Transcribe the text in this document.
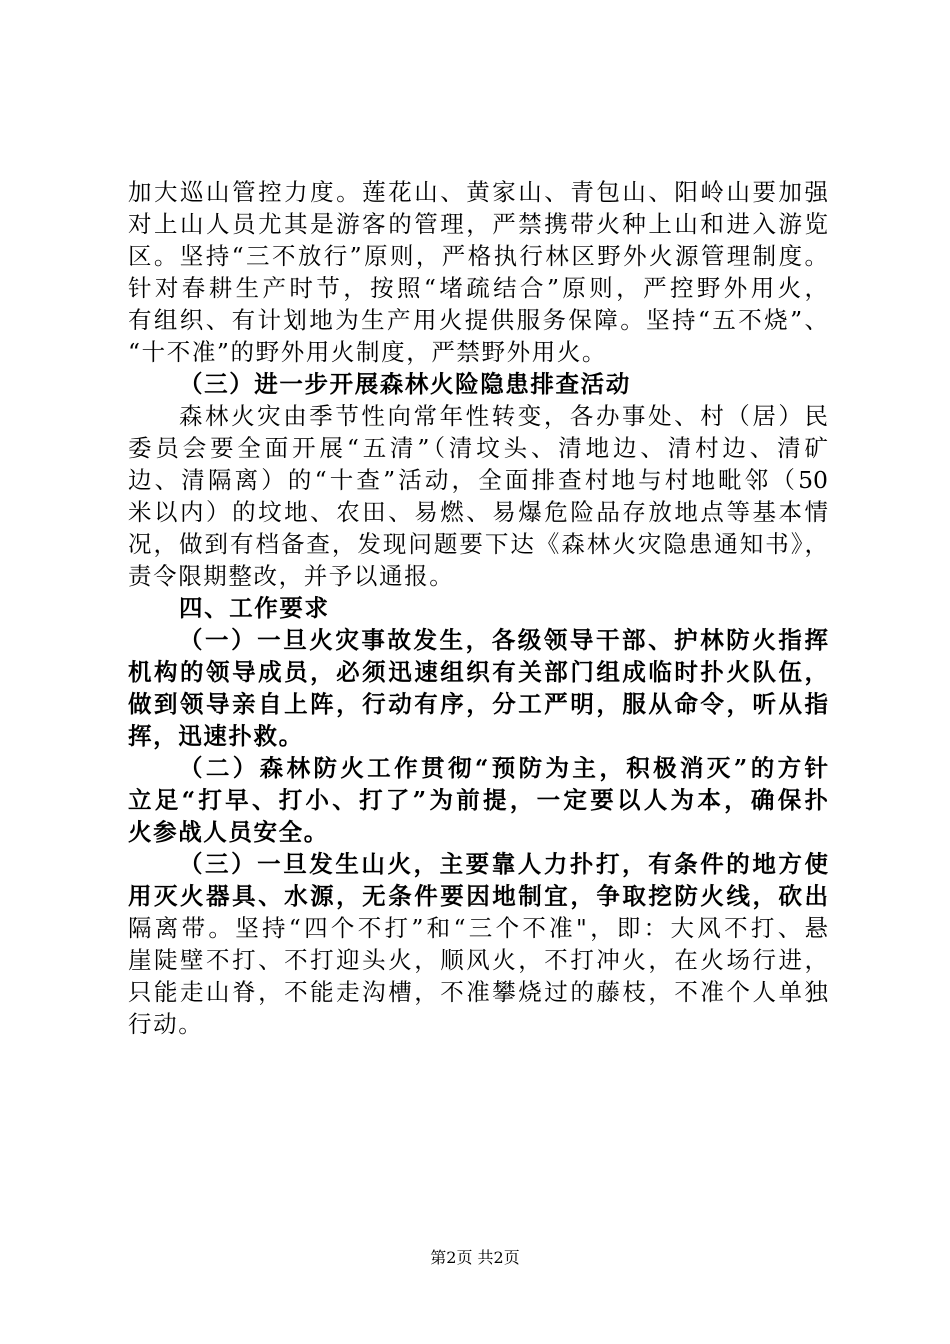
加大巡山管控力度。莲花山、黄家山、青包山、阳岭山要加强
对上山人员尤其是游客的管理，严禁携带火种上山和进入游览
区。坚持“三不放行”原则，严格执行林区野外火源管理制度。
针对春耕生产时节，按照“堵疏结合”原则，严控野外用火，
有组织、有计划地为生产用火提供服务保障。坚持“五不烧”、
“十不准”的野外用火制度，严禁野外用火。
（三）进一步开展森林火险隐患排查活动
森林火灾由季节性向常年性转变，各办事处、村（居）民
委员会要全面开展“五清”（清坟头、清地边、清村边、清矿
边、清隔离）的“十查”活动，全面排查村地与村地毗邻（50
米以内）的坟地、农田、易燃、易爆危险品存放地点等基本情
况，做到有档备查，发现问题要下达《森林火灾隐患通知书》，
责令限期整改，并予以通报。
四、工作要求
（一）一旦火灾事故发生，各级领导干部、护林防火指挥
机构的领导成员，必须迅速组织有关部门组成临时扑火队伍，
做到领导亲自上阵，行动有序，分工严明，服从命令，听从指
挥，迅速扑救。
（二）森林防火工作贯彻“预防为主，积极消灭”的方针
立足“打早、打小、打了”为前提，一定要以人为本，确保扑
火参战人员安全。
（三）一旦发生山火，主要靠人力扑打，有条件的地方使
用灭火器具、水源，无条件要因地制宜，争取挖防火线，砍出
隔离带。坚持“四个不打”和“三个不准"，即：大风不打、悬
崖陡壁不打、不打迎头火，顺风火，不打冲火，在火场行进，
只能走山脊，不能走沟槽，不准攀烧过的藤枝，不准个人单独
行动。
第2页 共2页
